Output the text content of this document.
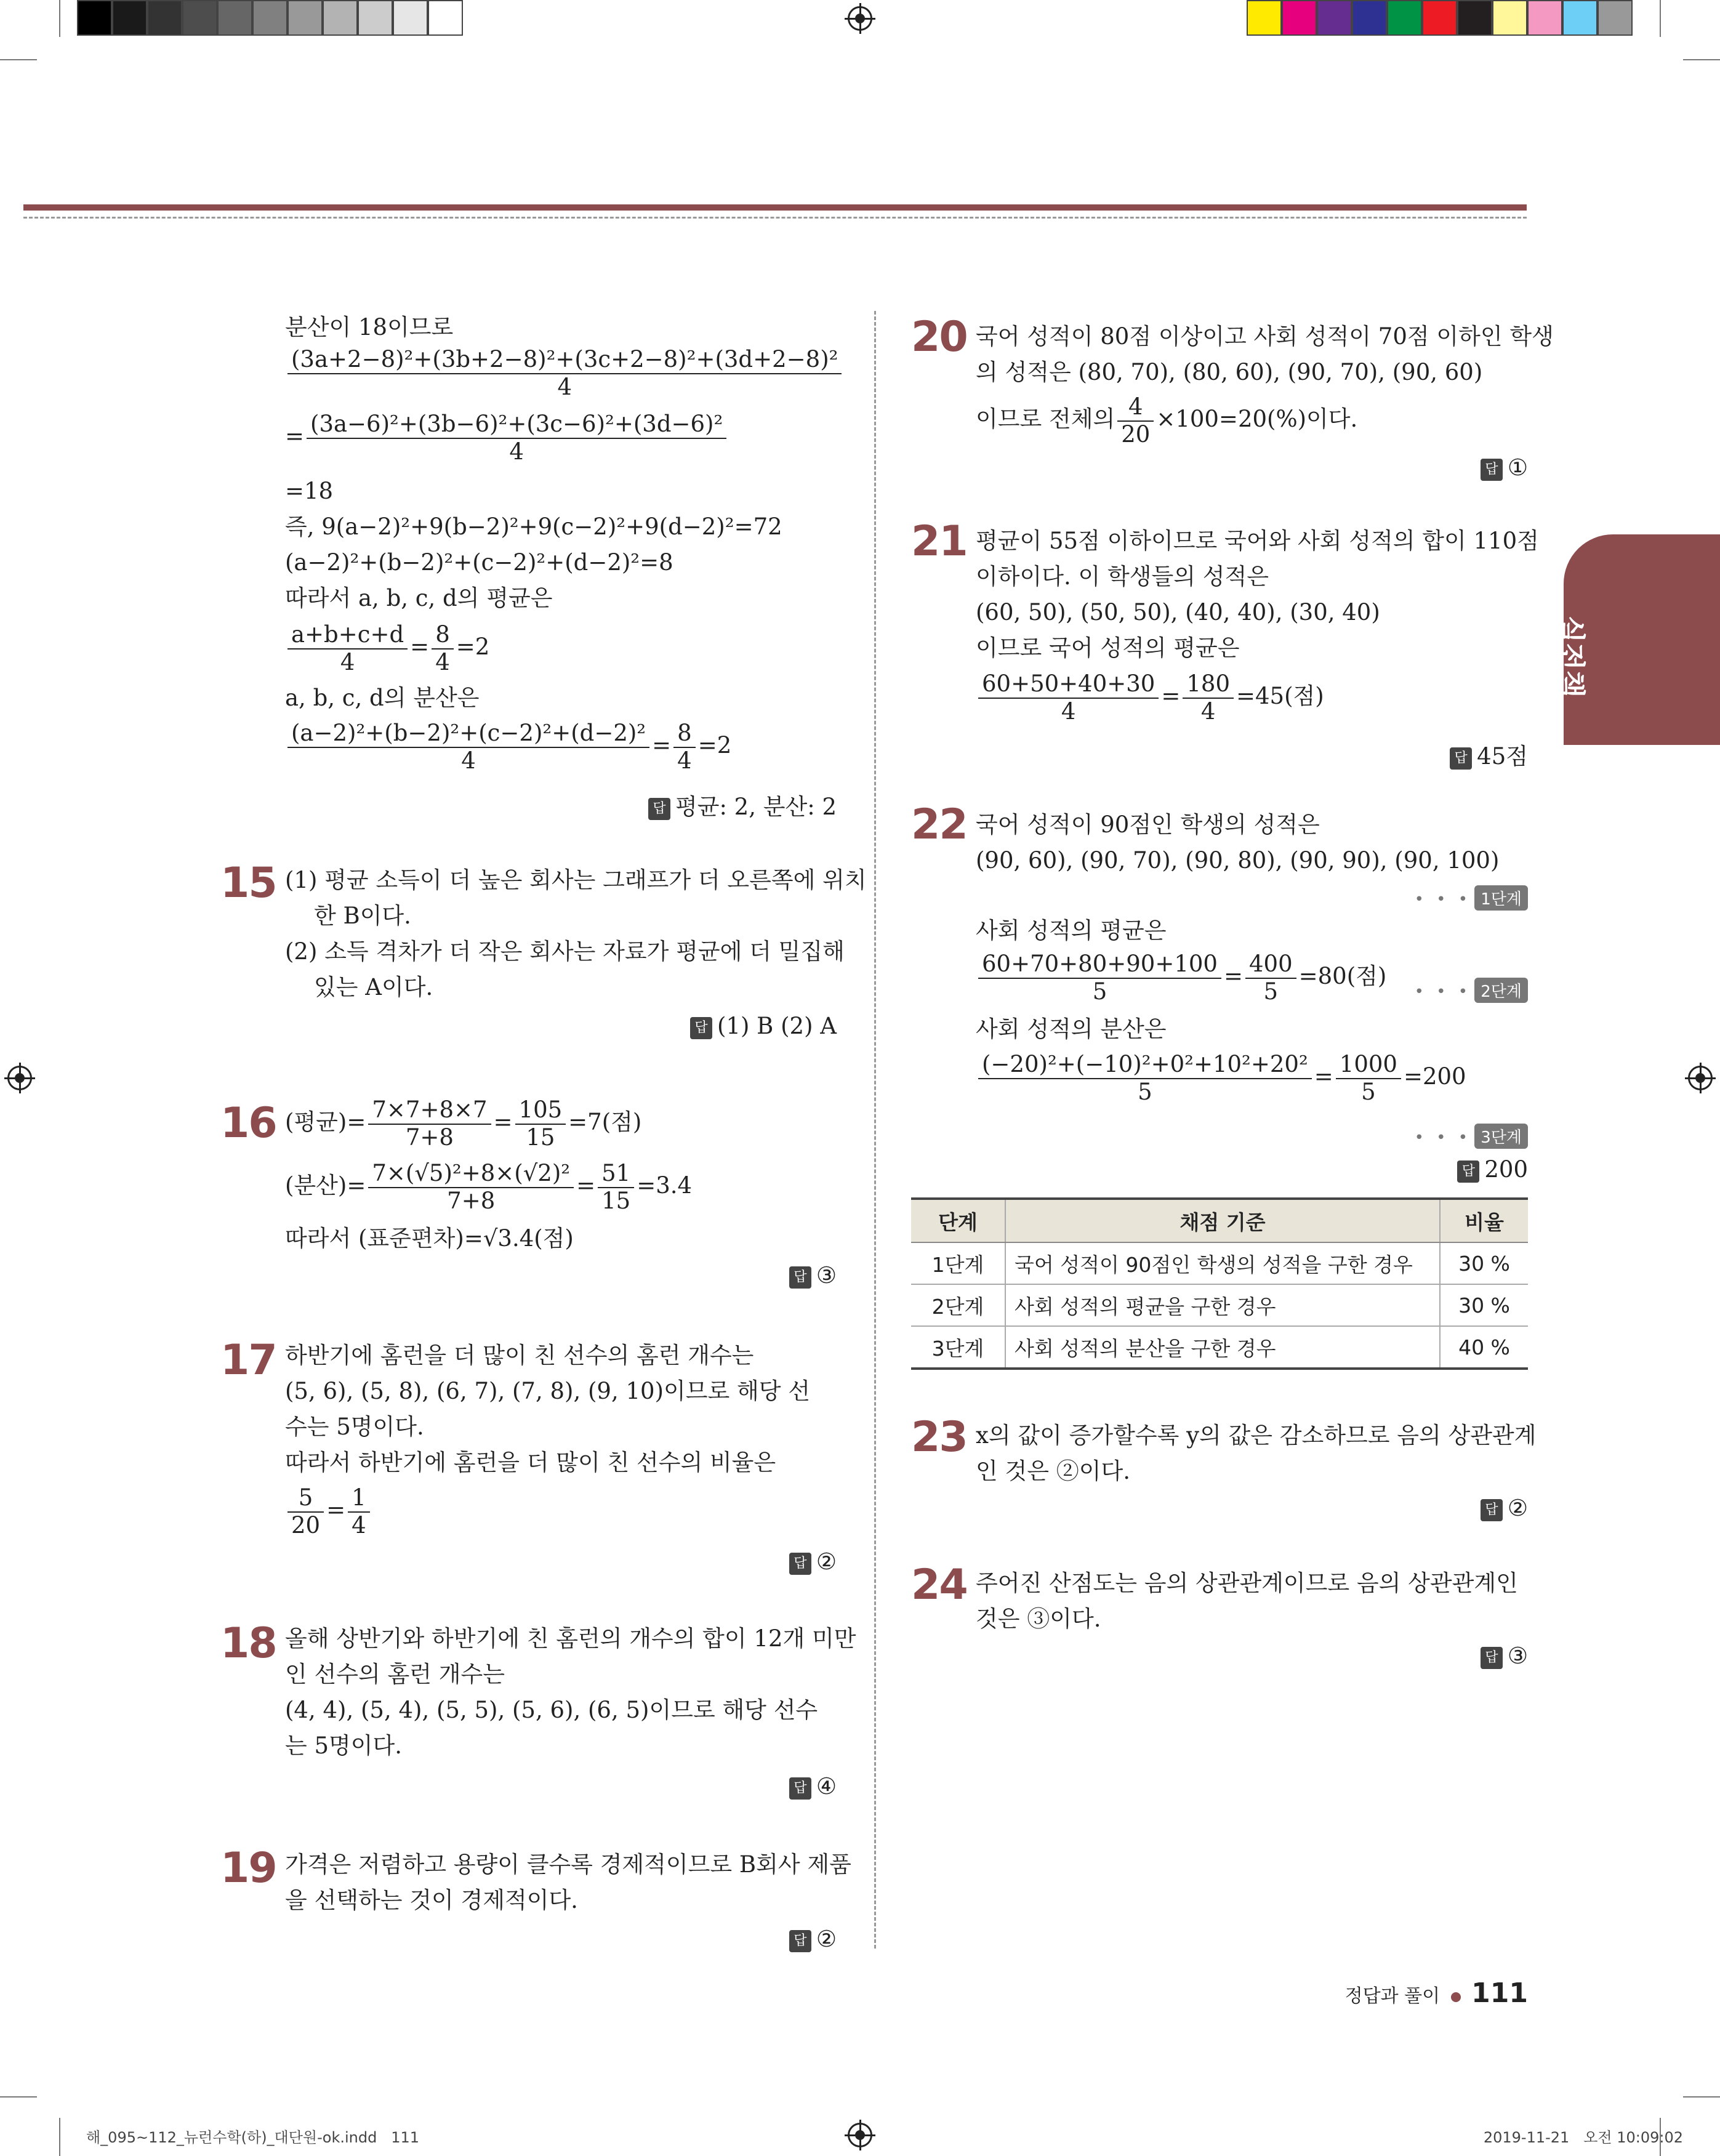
실전책
분산이 18이므로
$\frac{\text{(3a+2−8)²+(3b+2−8)²+(3c+2−8)²+(3d+2−8)²}}{4}$
= $\frac{\text{(3a−6)²+(3b−6)²+(3c−6)²+(3d−6)²}}{4}$
=18
즉, 9(a−2)²+9(b−2)²+9(c−2)²+9(d−2)²=72
(a−2)²+(b−2)²+(c−2)²+(d−2)²=8
따라서 a, b, c, d의 평균은
$\frac{a+b+c+d}{4} = \frac{8}{4} =2$
a, b, c, d의 분산은
$\frac{\text{(a−2)²+(b−2)²+(c−2)²+(d−2)²}}{4} = \frac{8}{4} =2$
답 평균: 2, 분산: 2
15 (1) 평균 소득이 더 높은 회사는 그래프가 더 오른쪽에 위치
한 B이다.
(2) 소득 격차가 더 작은 회사는 자료가 평균에 더 밀집해
있는 A이다.
답 (1) B (2) A
16 (평균)= $\frac{7\times 7+8\times 7}{7+8} = \frac{105}{15} =7$(점)
(분산)= $\frac{\text{7×(√5)²+8×(√2)²}}{7+8} = \frac{51}{15} =3.4$
따라서 (표준편차)=√3.4(점)
답 ③
17 하반기에 홈런을 더 많이 친 선수의 홈런 개수는
(5, 6), (5, 8), (6, 7), (7, 8), (9, 10)이므로 해당 선
수는 5명이다.
따라서 하반기에 홈런을 더 많이 친 선수의 비율은
$\frac{5}{20} = \frac{1}{4}$
답 ②
18 올해 상반기와 하반기에 친 홈런의 개수의 합이 12개 미만
인 선수의 홈런 개수는
(4, 4), (5, 4), (5, 5), (5, 6), (6, 5)이므로 해당 선수
는 5명이다.
답 ④
19 가격은 저렴하고 용량이 클수록 경제적이므로 B회사 제품
을 선택하는 것이 경제적이다.
답 ②
20 국어 성적이 80점 이상이고 사회 성적이 70점 이하인 학생
의 성적은 (80, 70), (80, 60), (90, 70), (90, 60)
이므로 전체의 $\frac{4}{20} \times 100=20(\%)$이다.
답 ①
21 평균이 55점 이하이므로 국어와 사회 성적의 합이 110점
이하이다. 이 학생들의 성적은
(60, 50), (50, 50), (40, 40), (30, 40)
이므로 국어 성적의 평균은
$\frac{60+50+40+30}{4} = \frac{180}{4} =45$(점)
답 45점
22 국어 성적이 90점인 학생의 성적은
(90, 60), (90, 70), (90, 80), (90, 90), (90, 100)
• • • 1단계
사회 성적의 평균은
$\frac{60+70+80+90+100}{5} = \frac{400}{5} =80$(점)
• • • 2단계
사회 성적의 분산은
$\frac{\text{(−20)²+(−10)²+0²+10²+20²}}{5} = \frac{1000}{5} =200$
• • • 3단계
답 200
단계	채점 기준	비율
1단계	국어 성적이 90점인 학생의 성적을 구한 경우	30 %
2단계	사회 성적의 평균을 구한 경우	30 %
3단계	사회 성적의 분산을 구한 경우	40 %
23 x의 값이 증가할수록 y의 값은 감소하므로 음의 상관관계
인 것은 ②이다.
답 ②
24 주어진 산점도는 음의 상관관계이므로 음의 상관관계인
것은 ③이다.
답 ③
정답과 풀이 111
해_095~112_뉴런수학(하)_대단원-ok.indd   111	2019-11-21   오전 10:09:02
